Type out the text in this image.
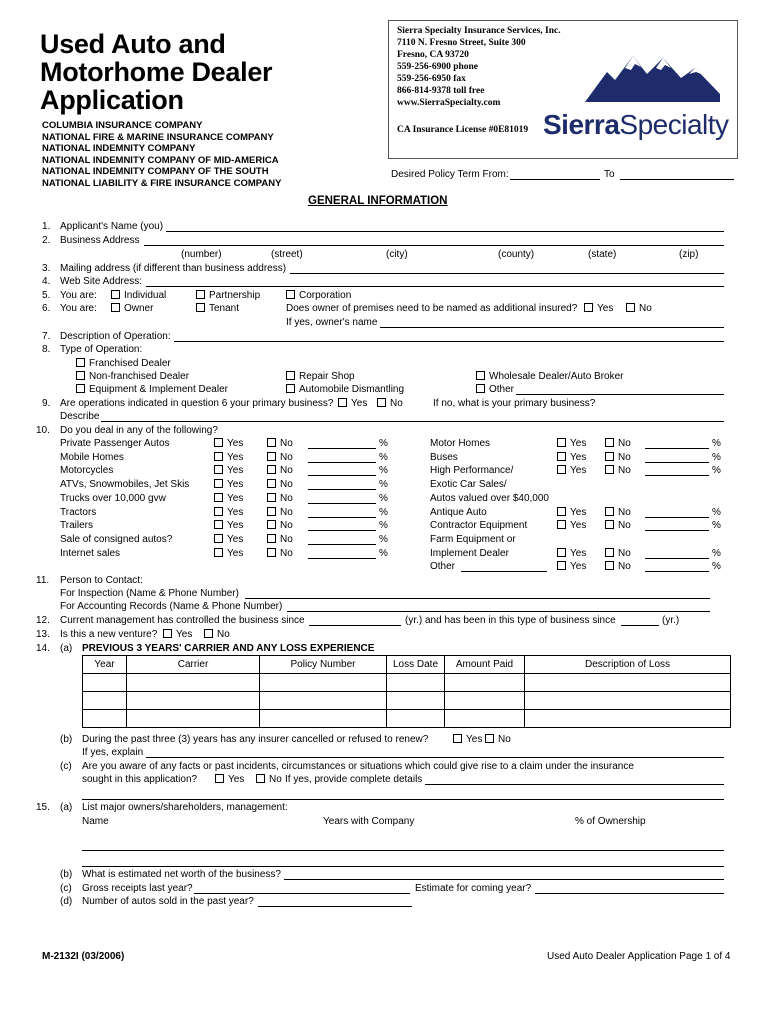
Used Auto and
Motorhome Dealer
Application
COLUMBIA INSURANCE COMPANY
NATIONAL FIRE & MARINE INSURANCE COMPANY
NATIONAL INDEMNITY COMPANY
NATIONAL INDEMNITY COMPANY OF MID-AMERICA
NATIONAL INDEMNITY COMPANY OF THE SOUTH
NATIONAL LIABILITY & FIRE INSURANCE COMPANY
Sierra Specialty Insurance Services, Inc.
7110 N. Fresno Street, Suite 300
Fresno, CA 93720
559-256-6900 phone
559-256-6950 fax
866-814-9378 toll free
www.SierraSpecialty.com
CA Insurance License #0E81019 SierraSpecialty
Desired Policy Term From:	To
GENERAL INFORMATION
1. Applicant's Name (you)
2. Business Address
(number)	(street)	(city)	(county)	(state)	(zip)
3. Mailing address (if different than business address)
4. Web Site Address:
5. You are:	Individual	Partnership	Corporation
6. You are:	Owner	Tenant	Does owner of premises need to be named as additional insured?	Yes	No
If yes, owner's name
7. Description of Operation:
8. Type of Operation:
Franchised Dealer
Non-franchised Dealer	Repair Shop	Wholesale Dealer/Auto Broker
Equipment & Implement Dealer	Automobile Dismantling	Other
9. Are operations indicated in question 6 your primary business?	Yes	No	If no, what is your primary business?
Describe
10. Do you deal in any of the following?
Private Passenger Autos	Yes	No	%
Mobile Homes	Yes	No	%
Motorcycles	Yes	No	%
ATVs, Snowmobiles, Jet Skis	Yes	No	%
Trucks over 10,000 gvw	Yes	No	%
Tractors	Yes	No	%
Trailers	Yes	No	%
Sale of consigned autos?	Yes	No	%
Internet sales	Yes	No	%
Motor Homes	Yes	No	%
Buses	Yes	No	%
High Performance/	Yes	No	%
Exotic Car Sales/
Autos valued over $40,000
Antique Auto	Yes	No	%
Contractor Equipment	Yes	No	%
Farm Equipment or
Implement Dealer	Yes	No	%
Other	Yes	No	%
11. Person to Contact:
For Inspection (Name & Phone Number)
For Accounting Records (Name & Phone Number)
12. Current management has controlled the business since	(yr.) and has been in this type of business since	(yr.)
13. Is this a new venture?	Yes	No
14. (a) PREVIOUS 3 YEARS' CARRIER AND ANY LOSS EXPERIENCE
Year	Carrier	Policy Number	Loss Date	Amount Paid	Description of Loss

(b) During the past three (3) years has any insurer cancelled or refused to renew?	Yes	No
If yes, explain
(c) Are you aware of any facts or past incidents, circumstances or situations which could give rise to a claim under the insurance
sought in this application?	Yes	No If yes, provide complete details
15. (a) List major owners/shareholders, management:
Name	Years with Company	% of Ownership
(b) What is estimated net worth of the business?
(c) Gross receipts last year?	Estimate for coming year?
(d) Number of autos sold in the past year?
M-2132I (03/2006)	Used Auto Dealer Application Page 1 of 4
